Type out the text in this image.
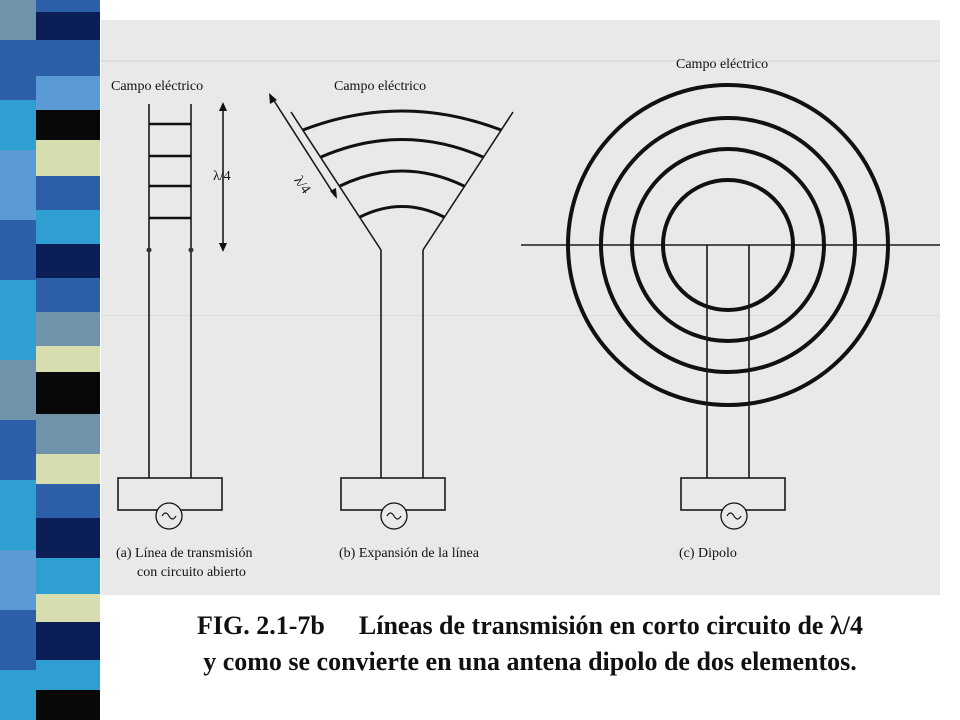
Campo eléctrico
λ/4
(a) Línea de transmisión
con circuito abierto
Campo eléctrico
λ/4
(b) Expansión de la línea
Campo eléctrico
(c) Dipolo
FIG. 2.1-7b Líneas de transmisión en corto circuito de λ/4
y como se convierte en una antena dipolo de dos elementos.
